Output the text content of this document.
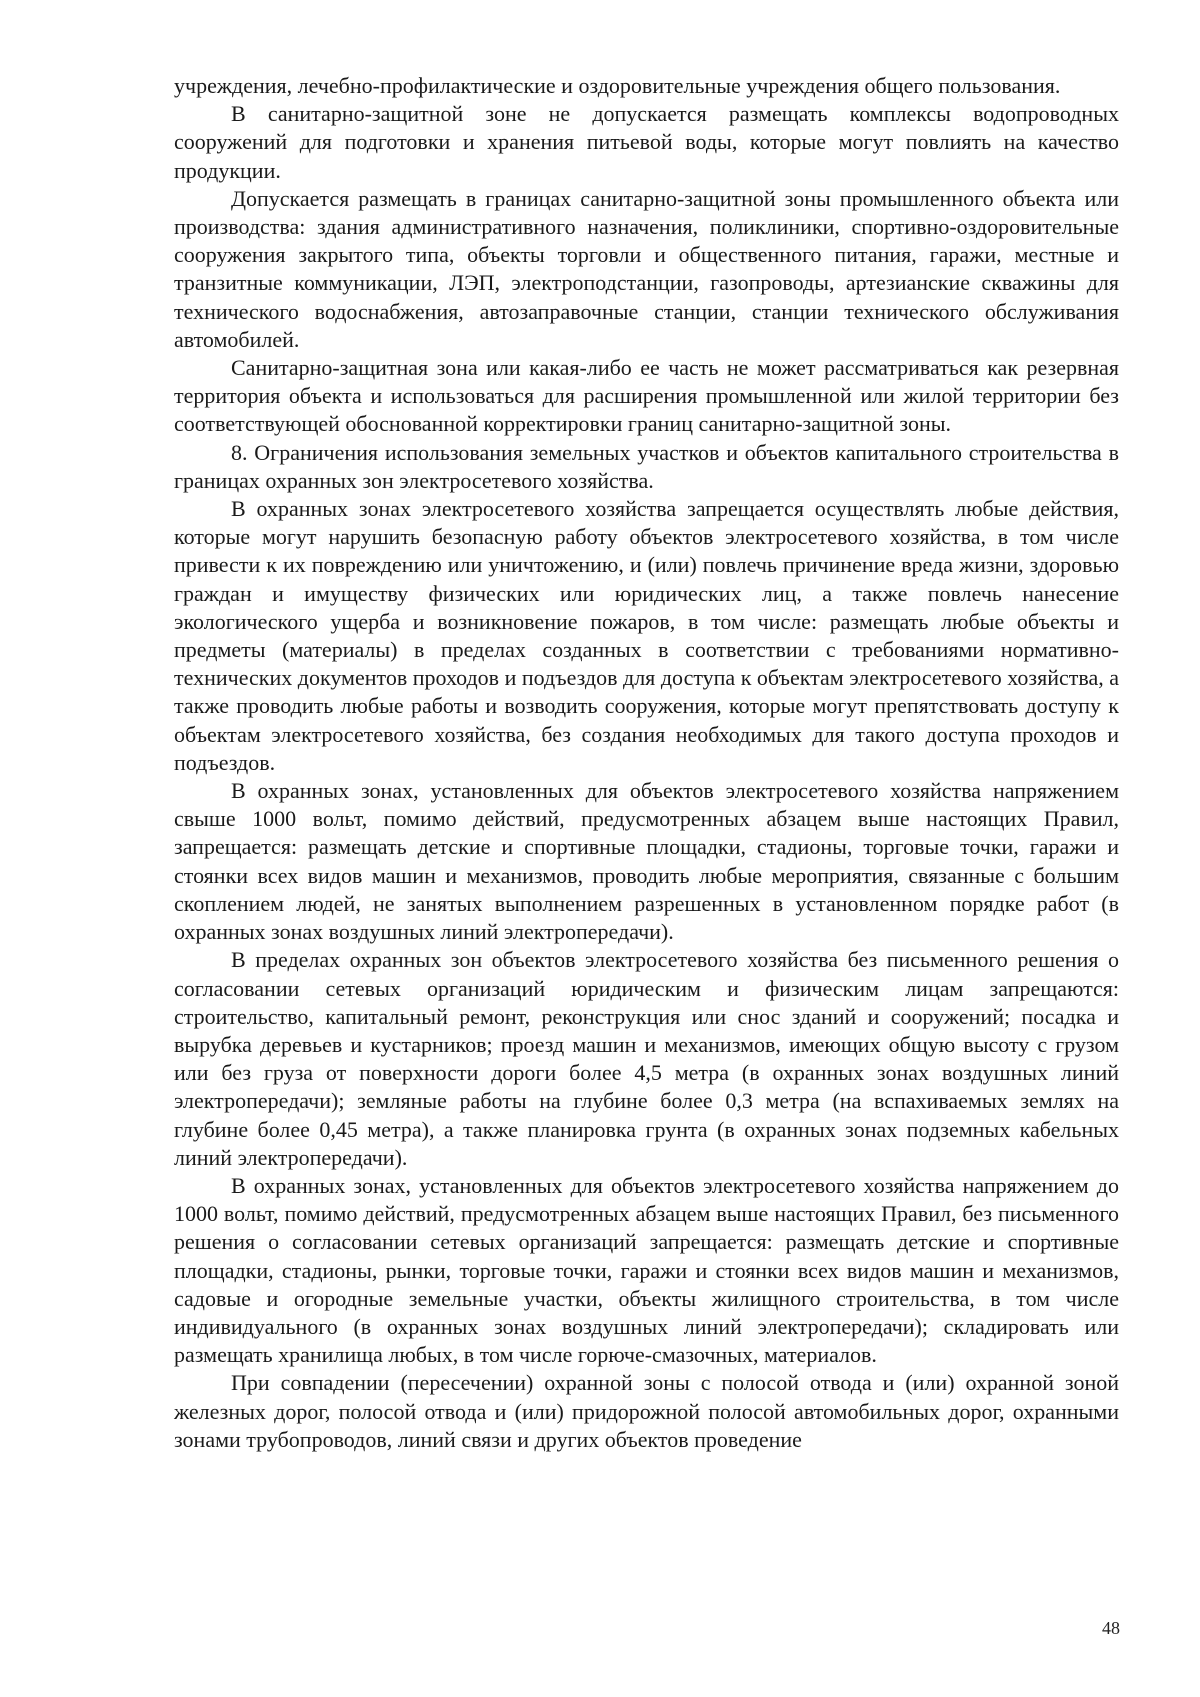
учреждения, лечебно-профилактические и оздоровительные учреждения общего пользования.

В санитарно-защитной зоне не допускается размещать комплексы водопроводных сооружений для подготовки и хранения питьевой воды, которые могут повлиять на качество продукции.

Допускается размещать в границах санитарно-защитной зоны промышленного объекта или производства: здания административного назначения, поликлиники, спортивно-оздоровительные сооружения закрытого типа, объекты торговли и общественного питания, гаражи, местные и транзитные коммуникации, ЛЭП, электроподстанции, газопроводы, артезианские скважины для технического водоснабжения, автозаправочные станции, станции технического обслуживания автомобилей.

Санитарно-защитная зона или какая-либо ее часть не может рассматриваться как резервная территория объекта и использоваться для расширения промышленной или жилой территории без соответствующей обоснованной корректировки границ санитарно-защитной зоны.

8. Ограничения использования земельных участков и объектов капитального строительства в границах охранных зон электросетевого хозяйства.

В охранных зонах электросетевого хозяйства запрещается осуществлять любые действия, которые могут нарушить безопасную работу объектов электросетевого хозяйства, в том числе привести к их повреждению или уничтожению, и (или) повлечь причинение вреда жизни, здоровью граждан и имуществу физических или юридических лиц, а также повлечь нанесение экологического ущерба и возникновение пожаров, в том числе: размещать любые объекты и предметы (материалы) в пределах созданных в соответствии с требованиями нормативно-технических документов проходов и подъездов для доступа к объектам электросетевого хозяйства, а также проводить любые работы и возводить сооружения, которые могут препятствовать доступу к объектам электросетевого хозяйства, без создания необходимых для такого доступа проходов и подъездов.

В охранных зонах, установленных для объектов электросетевого хозяйства напряжением свыше 1000 вольт, помимо действий, предусмотренных абзацем выше настоящих Правил, запрещается: размещать детские и спортивные площадки, стадионы, торговые точки, гаражи и стоянки всех видов машин и механизмов, проводить любые мероприятия, связанные с большим скоплением людей, не занятых выполнением разрешенных в установленном порядке работ (в охранных зонах воздушных линий электропередачи).

В пределах охранных зон объектов электросетевого хозяйства без письменного решения о согласовании сетевых организаций юридическим и физическим лицам запрещаются: строительство, капитальный ремонт, реконструкция или снос зданий и сооружений; посадка и вырубка деревьев и кустарников; проезд машин и механизмов, имеющих общую высоту с грузом или без груза от поверхности дороги более 4,5 метра (в охранных зонах воздушных линий электропередачи); земляные работы на глубине более 0,3 метра (на вспахиваемых землях на глубине более 0,45 метра), а также планировка грунта (в охранных зонах подземных кабельных линий электропередачи).

В охранных зонах, установленных для объектов электросетевого хозяйства напряжением до 1000 вольт, помимо действий, предусмотренных абзацем выше настоящих Правил, без письменного решения о согласовании сетевых организаций запрещается: размещать детские и спортивные площадки, стадионы, рынки, торговые точки, гаражи и стоянки всех видов машин и механизмов, садовые и огородные земельные участки, объекты жилищного строительства, в том числе индивидуального (в охранных зонах воздушных линий электропередачи); складировать или размещать хранилища любых, в том числе горюче-смазочных, материалов.

При совпадении (пересечении) охранной зоны с полосой отвода и (или) охранной зоной железных дорог, полосой отвода и (или) придорожной полосой автомобильных дорог, охранными зонами трубопроводов, линий связи и других объектов проведение

48
